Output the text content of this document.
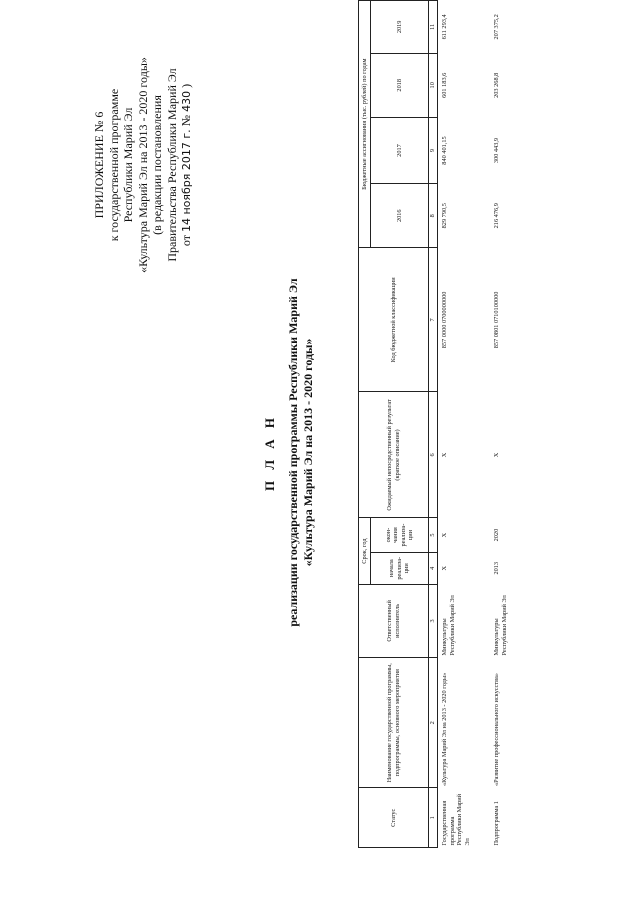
ПРИЛОЖЕНИЕ № 6 к государственной программе Республики Марий Эл «Культура Марий Эл на 2013 - 2020 годы» (в редакции постановления Правительства Республики Марий Эл от 14 ноября 2017 г. № 430 )
П Л А Н реализации государственной программы Республики Марий Эл «Культура Марий Эл на 2013 - 2020 годы»
Статус	Наименование государственной программы, подпрограммы, основного мероприятия	Ответственный исполнитель	Срок, год		Ожидаемый непосредственный результат (краткое описание)	Код бюджетной классификации	Бюджетные ассигнования (тыс. рублей) по годам			
			начала реализа-ции	окон-чания реализа-ции			2016	2017	2018	2019
1	2	3	4	5	6	7	8	9	10	11
Государственная программа Республики Марий Эл	«Культура Марий Эл на 2013 - 2020 годы»	Минкультуры Республики Марий Эл	X	X	X	857 0000 0700000000	829 790,5	840 401,15	601 183,6	611 293,4
Подпрограмма 1	«Развитие профессионального искусства»	Минкультуры Республики Марий Эл	2013	2020	X	857 0801 0710100000	216 476,9	300 443,9	203 268,8	207 375,2
